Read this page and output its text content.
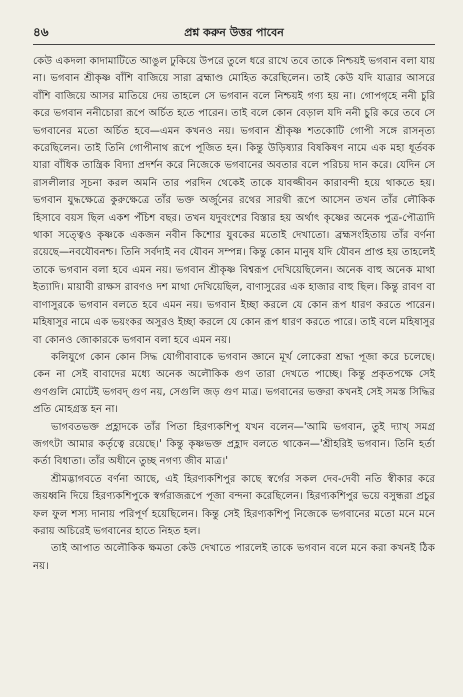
৪৬	প্রশ্ন করুন উত্তর পাবেন

কেউ একদলা কাদামাটিতে আঙুল ঢুকিয়ে উপরে তুলে ধরে রাখে তবে তাকে নিশ্চয়ই ভগবান বলা যায় না। ভগবান শ্রীকৃষ্ণ বাঁশি বাজিয়ে সারা ব্রহ্মাণ্ড মোহিত করেছিলেন। তাই কেউ যদি যাত্রার আসরে বাঁশি বাজিয়ে আসর মাতিয়ে দেয় তাহলে সে ভগবান বলে নিশ্চয়ই গণ্য হয় না। গোপগৃহে ননী চুরি করে ভগবান ননীচোরা রূপে অর্চিত হতে পারেন। তাই বলে কোন বেড়াল যদি ননী চুরি করে তবে সে ভগবানের মতো অর্চিত হবে—এমন কখনও নয়। ভগবান শ্রীকৃষ্ণ শতকোটি গোপী সঙ্গে রাসনৃত্য করেছিলেন। তাই তিনি গোপীনাথ রূপে পূজিত হন। কিন্তু উড়িষ্যার বিষকিষণ নামে এক মহা ধূর্তবক যারা বাঁধিক তান্ত্রিক বিদ্যা প্রদর্শন করে নিজেকে ভগবানের অবতার বলে পরিচয় দান করে। যেদিন সে রাসলীলার সূচনা করল অমনি তার পরদিন থেকেই তাকে যাবজ্জীবন কারাবন্দী হয়ে থাকতে হয়। ভগবান যুদ্ধক্ষেত্রে কুরুক্ষেত্রে তাঁর ভক্ত অর্জুনের রথের সারথী রূপে আসেন তখন তাঁর লৌকিক হিসাবে বয়স ছিল একশ পঁচিশ বছর। তখন যদুবংশের বিস্তার হয় অর্থাৎ কৃষ্ণের অনেক পুত্র-পৌত্রাদি থাকা সত্ত্বেও কৃষ্ণকে একজন নবীন কিশোর যুবকের মতোই দেখাতো। ব্রহ্মসংহিতায় তাঁর বর্ণনা রয়েছে—নবযৌবনশ্চ। তিনি সর্বদাই নব যৌবন সম্পন্ন। কিন্তু কোন মানুষ যদি যৌবন প্রাপ্ত হয় তাহলেই তাকে ভগবান বলা হবে এমন নয়। ভগবান শ্রীকৃষ্ণ বিশ্বরূপ দেখিয়েছিলেন। অনেক বাহু অনেক মাথা ইত্যাদি। মায়াবী রাক্ষস রাবণও দশ মাথা দেখিয়েছিল, বাণাসুরের এক হাজার বাহু ছিল। কিন্তু রাবণ বা বাণাসুরকে ভগবান বলতে হবে এমন নয়। ভগবান ইচ্ছা করলে যে কোন রূপ ধারণ করতে পারেন। মহিষাসুর নামে এক ভয়ংকর অসুরও ইচ্ছা করলে যে কোন রূপ ধারণ করতে পারে। তাই বলে মহিষাসুর বা কোনও জোকারকে ভগবান বলা হবে এমন নয়।

কলিযুগে কোন কোন সিদ্ধ যোগীবাবাকে ভগবান জ্ঞানে মূর্খ লোকেরা শ্রদ্ধা পূজা করে চলেছে। কেন না সেই বাবাদের মধ্যে অনেক অলৌকিক গুণ তারা দেখতে পাচ্ছে। কিন্তু প্রকৃতপক্ষে সেই গুণগুলি মোটেই ভগবদ্ গুণ নয়, সেগুলি জড় গুণ মাত্র। ভগবানের ভক্তরা কখনই সেই সমস্ত সিদ্ধির প্রতি মোহগ্রস্ত হন না।

ভাগবতভক্ত প্রহ্লাদকে তাঁর পিতা হিরণ্যকশিপু যখন বলেন—'আমি ভগবান, তুই দ্যাখ্ সমগ্র জগৎটা আমার কর্তৃত্বে রয়েছে।' কিন্তু কৃষ্ণভক্ত প্রহ্লাদ বলতে থাকেন—'শ্রীহরিই ভগবান। তিনি হর্তা কর্তা বিধাতা। তাঁর অধীনে তুচ্ছ নগণ্য জীব মাত্র।'

শ্রীমদ্ভাগবতে বর্ণনা আছে, এই হিরণ্যকশিপুর কাছে স্বর্গের সকল দেব-দেবী নতি স্বীকার করে জয়ধ্বনি দিয়ে হিরণ্যকশিপুকে স্বর্গরাজরূপে পূজা বন্দনা করেছিলেন। হিরণ্যকশিপুর ভয়ে বসুন্ধরা প্রচুর ফল ফুল শস্য দানায় পরিপূর্ণ হয়েছিলেন। কিন্তু সেই হিরণ্যকশিপু নিজেকে ভগবানের মতো মনে মনে করায় অচিরেই ভগবানের হাতে নিহত হল।

তাই আপাত অলৌকিক ক্ষমতা কেউ দেখাতে পারলেই তাকে ভগবান বলে মনে করা কখনই ঠিক নয়।
